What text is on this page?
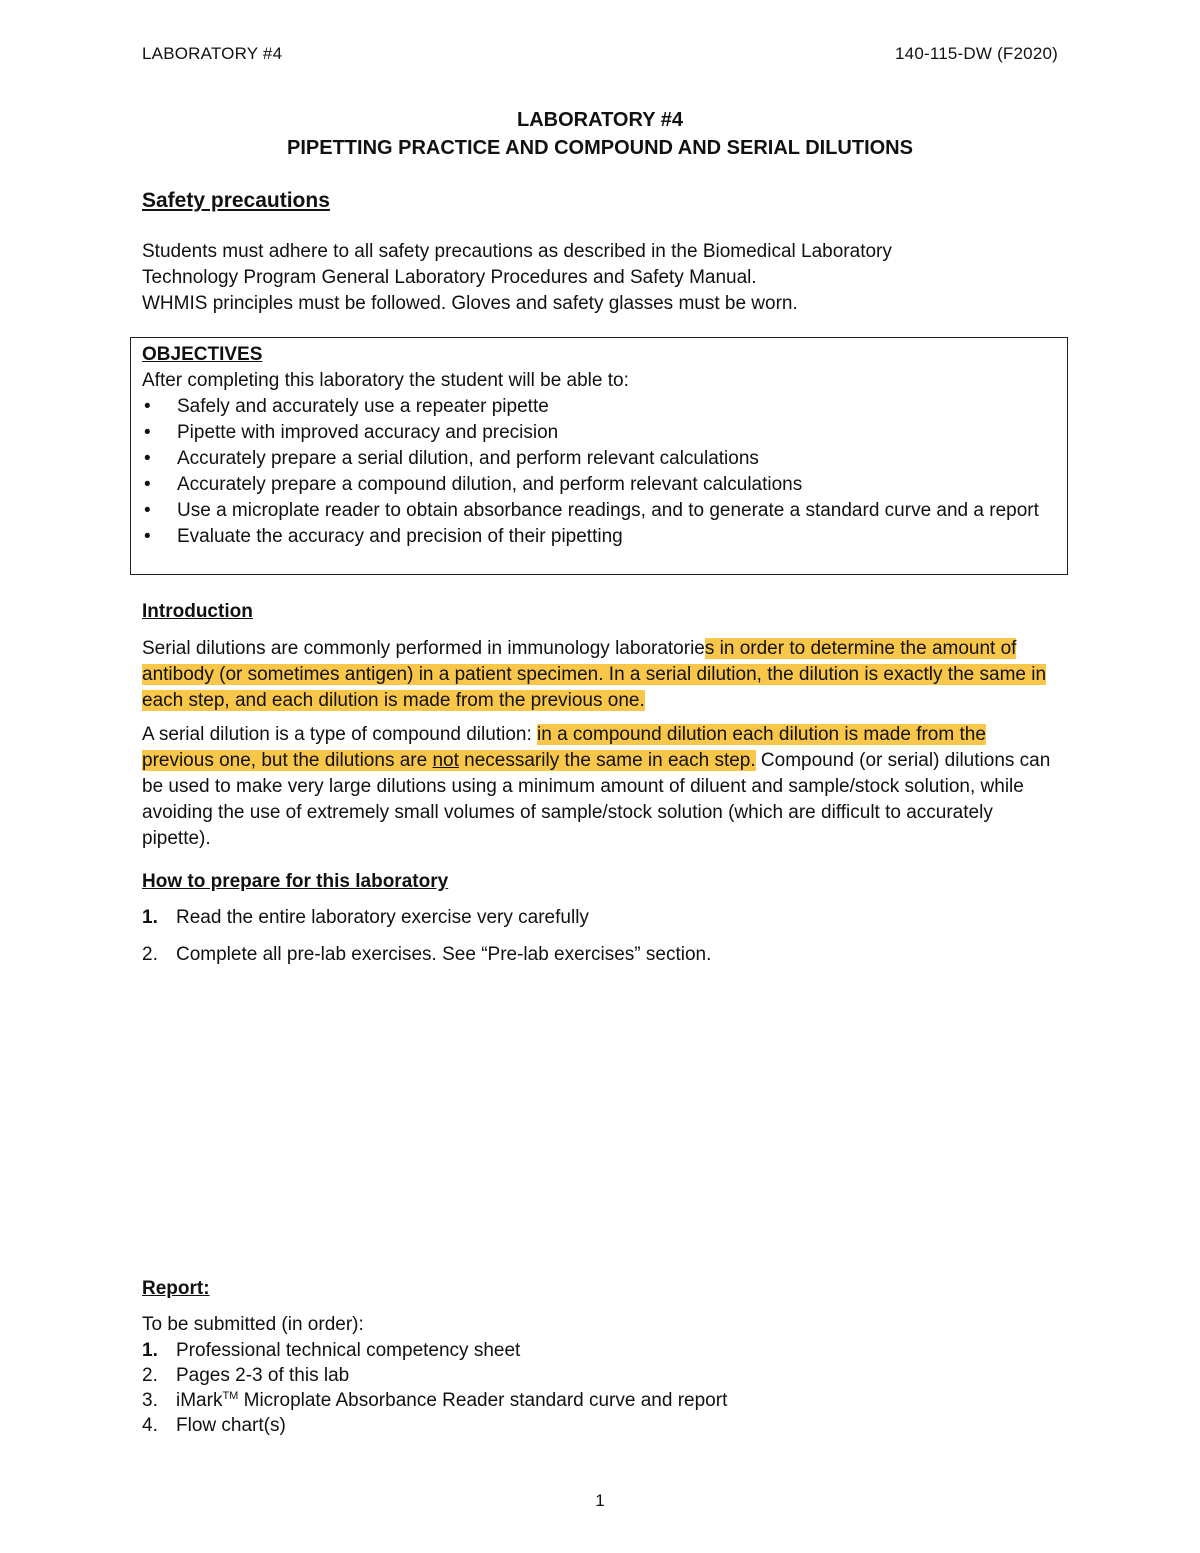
LABORATORY #4	140-115-DW (F2020)
LABORATORY #4
PIPETTING PRACTICE AND COMPOUND AND SERIAL DILUTIONS
Safety precautions
Students must adhere to all safety precautions as described in the Biomedical Laboratory
Technology Program General Laboratory Procedures and Safety Manual.
WHMIS principles must be followed. Gloves and safety glasses must be worn.
OBJECTIVES
After completing this laboratory the student will be able to:
• Safely and accurately use a repeater pipette
• Pipette with improved accuracy and precision
• Accurately prepare a serial dilution, and perform relevant calculations
• Accurately prepare a compound dilution, and perform relevant calculations
• Use a microplate reader to obtain absorbance readings, and to generate a standard curve and a report
• Evaluate the accuracy and precision of their pipetting
Introduction
Serial dilutions are commonly performed in immunology laboratories in order to determine the amount of antibody (or sometimes antigen) in a patient specimen. In a serial dilution, the dilution is exactly the same in each step, and each dilution is made from the previous one.
A serial dilution is a type of compound dilution: in a compound dilution each dilution is made from the previous one, but the dilutions are not necessarily the same in each step. Compound (or serial) dilutions can be used to make very large dilutions using a minimum amount of diluent and sample/stock solution, while avoiding the use of extremely small volumes of sample/stock solution (which are difficult to accurately pipette).
How to prepare for this laboratory
1. Read the entire laboratory exercise very carefully
2. Complete all pre-lab exercises. See “Pre-lab exercises” section.
Report:
To be submitted (in order):
1. Professional technical competency sheet
2. Pages 2-3 of this lab
3. iMark™ Microplate Absorbance Reader standard curve and report
4. Flow chart(s)
1
